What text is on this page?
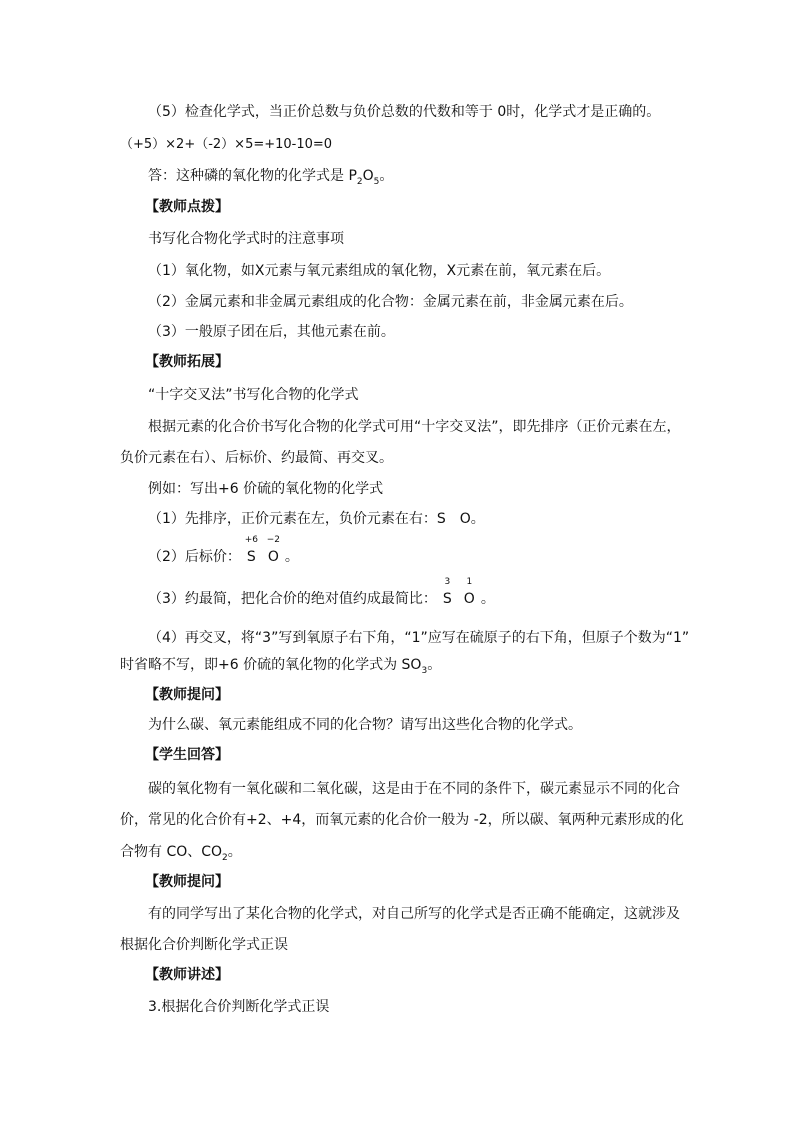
（5）检查化学式，当正价总数与负价总数的代数和等于 0时，化学式才是正确的。
（+5）×2+（-2）×5=+10-10=0
答：这种磷的氧化物的化学式是 $P_2O_5$。
【教师点拨】
书写化合物化学式时的注意事项
（1）氧化物，如X元素与氧元素组成的氧化物，X元素在前，氧元素在后。
（2）金属元素和非金属元素组成的化合物：金属元素在前，非金属元素在后。
（3）一般原子团在后，其他元素在前。
【教师拓展】
“十字交叉法”书写化合物的化学式
根据元素的化合价书写化合物的化学式可用“十字交叉法”，即先排序（正价元素在左，
负价元素在右）、后标价、约最简、再交叉。
例如：写出+6 价硫的氧化物的化学式
（1）先排序，正价元素在左，负价元素在右：S　O。
（2）后标价：
+6
S
−2
O 。
（3）约最简，把化合价的绝对值约成最简比：
3
S
1
O 。
（4）再交叉，将“3”写到氧原子右下角，“1”应写在硫原子的右下角，但原子个数为“1”
时省略不写，即+6 价硫的氧化物的化学式为 $SO_3$。
【教师提问】
为什么碳、氧元素能组成不同的化合物？请写出这些化合物的化学式。
【学生回答】
碳的氧化物有一氧化碳和二氧化碳，这是由于在不同的条件下，碳元素显示不同的化合
价，常见的化合价有+2、+4，而氧元素的化合价一般为 -2，所以碳、氧两种元素形成的化
合物有 CO、$CO_2$。
【教师提问】
有的同学写出了某化合物的化学式，对自己所写的化学式是否正确不能确定，这就涉及
根据化合价判断化学式正误
【教师讲述】
3.根据化合价判断化学式正误
